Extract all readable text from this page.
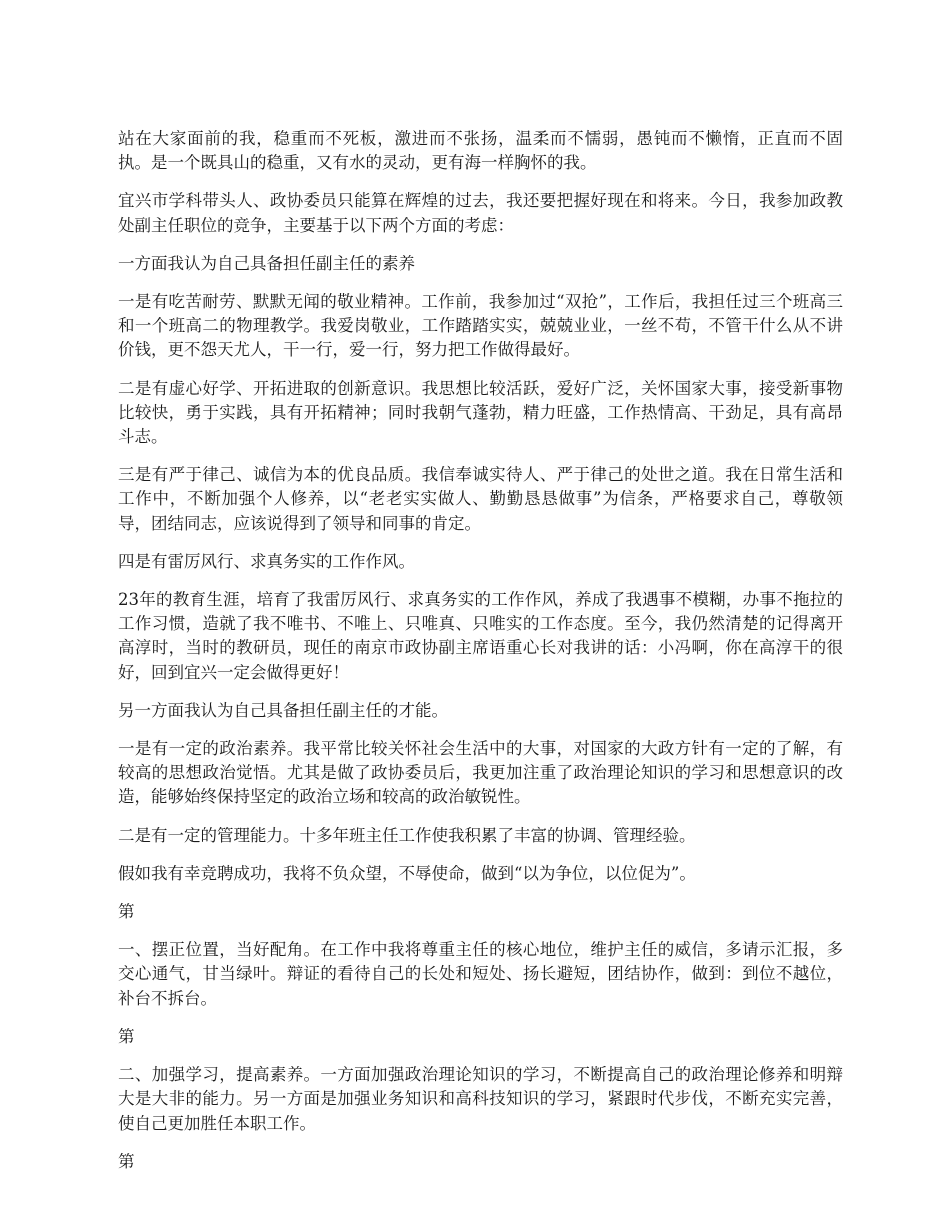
站在大家面前的我，稳重而不死板，激进而不张扬，温柔而不懦弱，愚钝而不懒惰，正直而不固执。是一个既具山的稳重，又有水的灵动，更有海一样胸怀的我。

宜兴市学科带头人、政协委员只能算在辉煌的过去，我还要把握好现在和将来。今日，我参加政教处副主任职位的竞争，主要基于以下两个方面的考虑：

一方面我认为自己具备担任副主任的素养

一是有吃苦耐劳、默默无闻的敬业精神。工作前，我参加过“双抢”，工作后，我担任过三个班高三和一个班高二的物理教学。我爱岗敬业，工作踏踏实实，兢兢业业，一丝不苟，不管干什么从不讲价钱，更不怨天尤人，干一行，爱一行，努力把工作做得最好。

二是有虚心好学、开拓进取的创新意识。我思想比较活跃，爱好广泛，关怀国家大事，接受新事物比较快，勇于实践，具有开拓精神；同时我朝气蓬勃，精力旺盛，工作热情高、干劲足，具有高昂斗志。

三是有严于律己、诚信为本的优良品质。我信奉诚实待人、严于律己的处世之道。我在日常生活和工作中，不断加强个人修养，以“老老实实做人、勤勤恳恳做事”为信条，严格要求自己，尊敬领导，团结同志，应该说得到了领导和同事的肯定。

四是有雷厉风行、求真务实的工作作风。

23年的教育生涯，培育了我雷厉风行、求真务实的工作作风，养成了我遇事不模糊，办事不拖拉的工作习惯，造就了我不唯书、不唯上、只唯真、只唯实的工作态度。至今，我仍然清楚的记得离开高淳时，当时的教研员，现任的南京市政协副主席语重心长对我讲的话：小冯啊，你在高淳干的很好，回到宜兴一定会做得更好！

另一方面我认为自己具备担任副主任的才能。

一是有一定的政治素养。我平常比较关怀社会生活中的大事，对国家的大政方针有一定的了解，有较高的思想政治觉悟。尤其是做了政协委员后，我更加注重了政治理论知识的学习和思想意识的改造，能够始终保持坚定的政治立场和较高的政治敏锐性。

二是有一定的管理能力。十多年班主任工作使我积累了丰富的协调、管理经验。

假如我有幸竞聘成功，我将不负众望，不辱使命，做到“以为争位，以位促为”。

第

一、摆正位置，当好配角。在工作中我将尊重主任的核心地位，维护主任的威信，多请示汇报，多交心通气，甘当绿叶。辩证的看待自己的长处和短处、扬长避短，团结协作，做到：到位不越位，补台不拆台。

第

二、加强学习，提高素养。一方面加强政治理论知识的学习，不断提高自己的政治理论修养和明辩大是大非的能力。另一方面是加强业务知识和高科技知识的学习，紧跟时代步伐，不断充实完善，使自己更加胜任本职工作。

第
